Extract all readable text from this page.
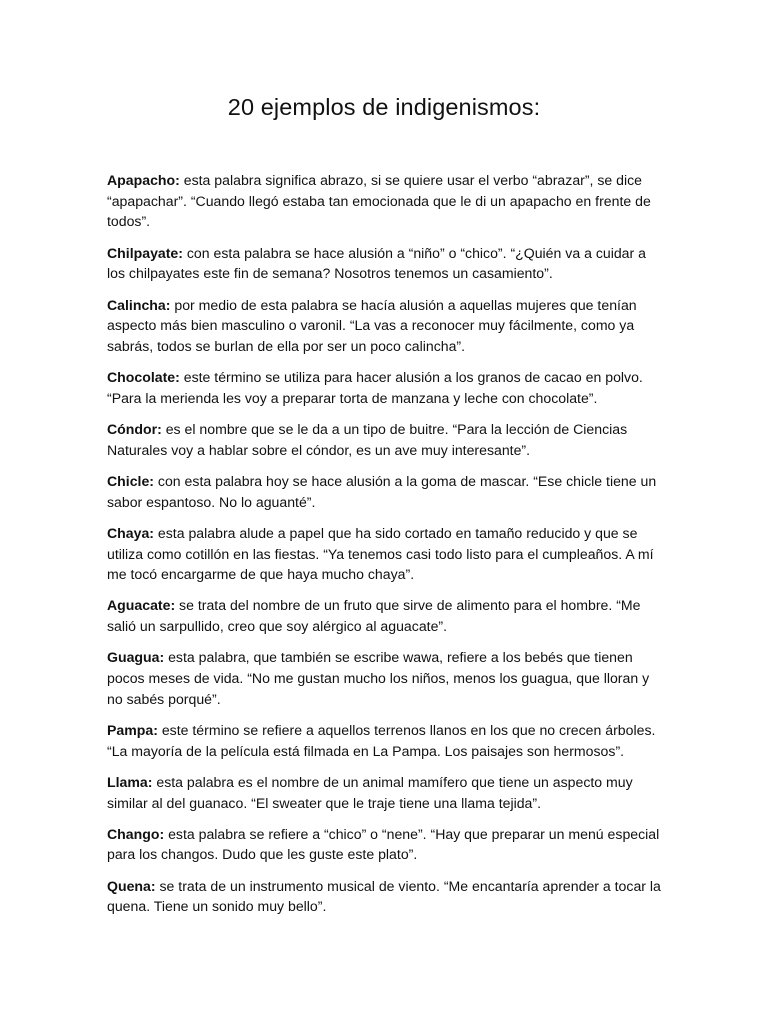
20 ejemplos de indigenismos:

Apapacho: esta palabra significa abrazo, si se quiere usar el verbo “abrazar”, se dice “apapachar”. “Cuando llegó estaba tan emocionada que le di un apapacho en frente de todos”.

Chilpayate: con esta palabra se hace alusión a “niño” o “chico”. “¿Quién va a cuidar a los chilpayates este fin de semana? Nosotros tenemos un casamiento”.

Calincha: por medio de esta palabra se hacía alusión a aquellas mujeres que tenían aspecto más bien masculino o varonil. “La vas a reconocer muy fácilmente, como ya sabrás, todos se burlan de ella por ser un poco calincha”.

Chocolate: este término se utiliza para hacer alusión a los granos de cacao en polvo. “Para la merienda les voy a preparar torta de manzana y leche con chocolate”.

Cóndor: es el nombre que se le da a un tipo de buitre. “Para la lección de Ciencias Naturales voy a hablar sobre el cóndor, es un ave muy interesante”.

Chicle: con esta palabra hoy se hace alusión a la goma de mascar. “Ese chicle tiene un sabor espantoso. No lo aguanté”.

Chaya: esta palabra alude a papel que ha sido cortado en tamaño reducido y que se utiliza como cotillón en las fiestas. “Ya tenemos casi todo listo para el cumpleaños. A mí me tocó encargarme de que haya mucho chaya”.

Aguacate: se trata del nombre de un fruto que sirve de alimento para el hombre. “Me salió un sarpullido, creo que soy alérgico al aguacate”.

Guagua: esta palabra, que también se escribe wawa, refiere a los bebés que tienen pocos meses de vida. “No me gustan mucho los niños, menos los guagua, que lloran y no sabés porqué”.

Pampa: este término se refiere a aquellos terrenos llanos en los que no crecen árboles. “La mayoría de la película está filmada en La Pampa. Los paisajes son hermosos”.

Llama: esta palabra es el nombre de un animal mamífero que tiene un aspecto muy similar al del guanaco. “El sweater que le traje tiene una llama tejida”.

Chango: esta palabra se refiere a “chico” o “nene”. “Hay que preparar un menú especial para los changos. Dudo que les guste este plato”.

Quena: se trata de un instrumento musical de viento. “Me encantaría aprender a tocar la quena. Tiene un sonido muy bello”.
